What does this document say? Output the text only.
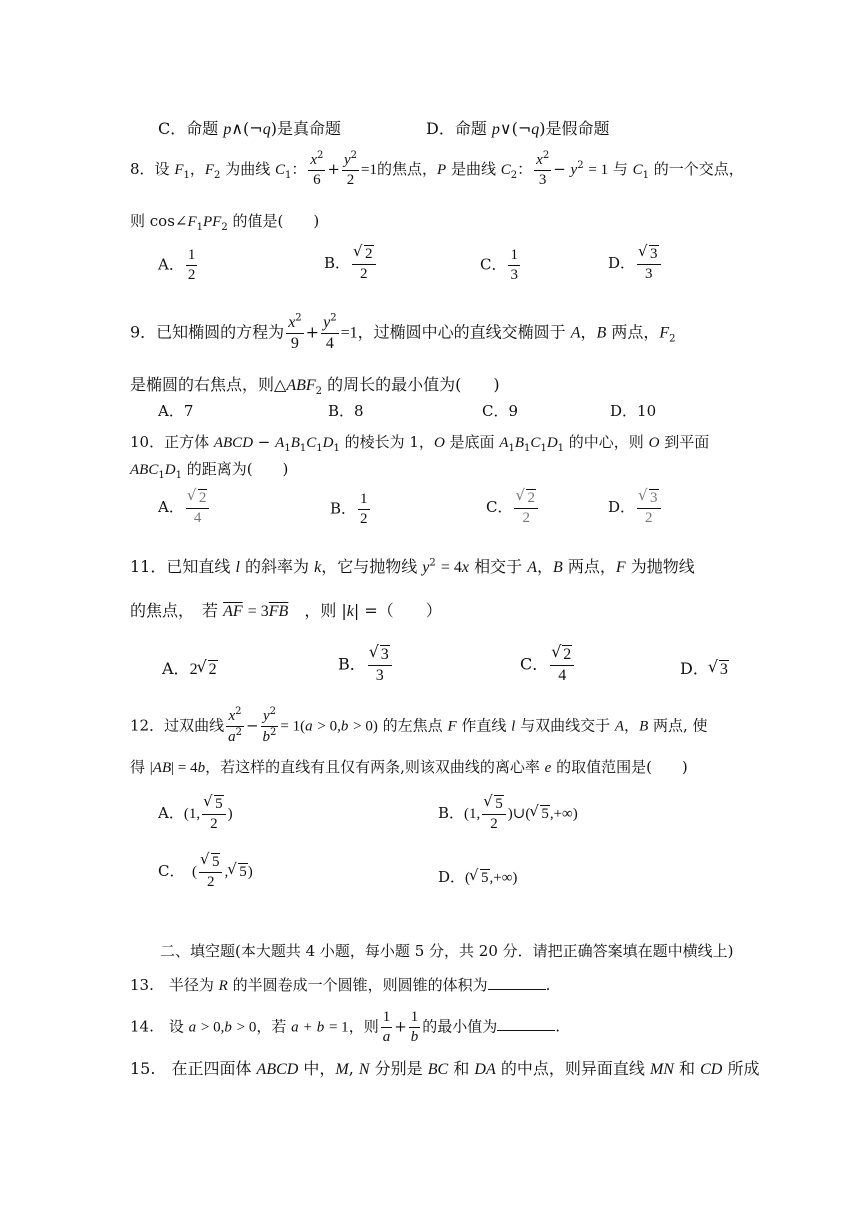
C．命题 p∧(¬q)是真命题	D．命题 p∨(¬q)是假命题
8．设 $F_1$，$F_2$ 为曲线 $C_1$： $\frac{x^2}{6} + \frac{y^2}{2} =1$的焦点，P 是曲线 $C_2$： $\frac{x^2}{3} - y^2 = 1$ 与 $C_1$ 的一个交点，
则 $\cos\angle F_1PF_2$ 的值是(　　)
A． $\frac{1}{2}$	B． √ $\frac{2}{2}$	C． $\frac{1}{3}$	D． √ $\frac{3}{3}$
9．已知椭圆的方程为 $\frac{x^2}{9} + \frac{y^2}{4} =1$，过椭圆中心的直线交椭圆于 A，B 两点，$F_2$
是椭圆的右焦点，则$\triangle ABF_2$ 的周长的最小值为(　　)
A．7	B．8	C．9	D．10
10．正方体 ABCD − $A_1B_1C_1D_1$ 的棱长为 1，O 是底面 $A_1B_1C_1D_1$ 的中心，则 O 到平面
$ABC_1D_1$ 的距离为(　　)
A． √ $\frac{2}{4}$	B． $\frac{1}{2}$	C． √ $\frac{2}{2}$	D． √ $\frac{3}{2}$
11．已知直线 l 的斜率为 k，它与抛物线 $y^2 = 4x$ 相交于 A，B 两点，F 为抛物线
的焦点，　若 $\overline{AF} = 3\overline{FB}$　，则 |k| =（　　）
A．2 √ 2	B． √ $\frac{3}{3}$	C． √ $\frac{2}{4}$	D． √ 3
12．过双曲线 $\frac{x^2}{a^2} - \frac{y^2}{b^2} = 1(a > 0,b > 0)$ 的左焦点 F 作直线 l 与双曲线交于 A，B 两点, 使
得 |AB| = 4b，若这样的直线有且仅有两条,则该双曲线的离心率 e 的取值范围是(　　)
A．(1, √ $\frac{5}{2}$ )	B．(1, √ $\frac{5}{2}$ )∪( √ 5,+∞)
C．　( √ $\frac{5}{2}$ , √ 5)	D．( √ 5,+∞)
二、填空题(本大题共 4 小题，每小题 5 分，共 20 分．请把正确答案填在题中横线上)
13.　半径为 R 的半圆卷成一个圆锥，则圆锥的体积为	.
14.　设 a > 0,b > 0，若 a + b = 1，则 $\frac{1}{a} + \frac{1}{b}$ 的最小值为	.
15.　在正四面体 ABCD 中，M, N 分别是 BC 和 DA 的中点，则异面直线 MN 和 CD 所成
